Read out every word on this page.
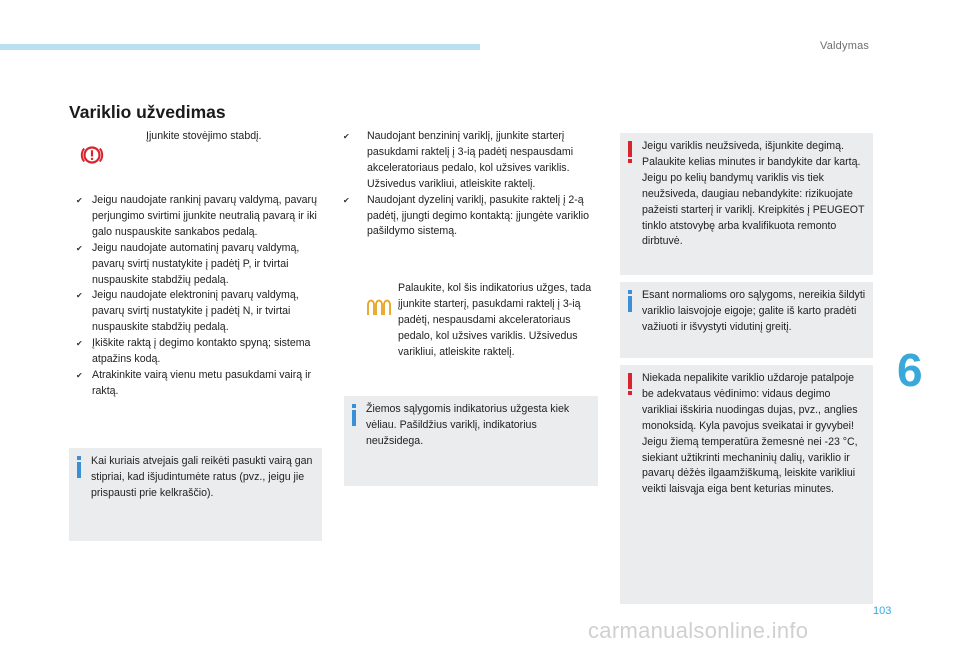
Valdymas
Variklio užvedimas

Įjunkite stovėjimo stabdį.

✔ Jeigu naudojate rankinį pavarų valdymą, pavarų perjungimo svirtimi įjunkite neutralią pavarą ir iki galo nuspauskite sankabos pedalą.
✔ Jeigu naudojate automatinį pavarų valdymą, pavarų svirtį nustatykite į padėtį P, ir tvirtai nuspauskite stabdžių pedalą.
✔ Jeigu naudojate elektroninį pavarų valdymą, pavarų svirtį nustatykite į padėtį N, ir tvirtai nuspauskite stabdžių pedalą.
✔ Įkiškite raktą į degimo kontakto spyną; sistema atpažins kodą.
✔ Atrakinkite vairą vienu metu pasukdami vairą ir raktą.

Kai kuriais atvejais gali reikėti pasukti vairą gan stipriai, kad išjudintumėte ratus (pvz., jeigu jie prispausti prie kelkraščio).

✔ Naudojant benzininį variklį, įjunkite starterį pasukdami raktelį į 3-ią padėtį nespausdami akceleratoriaus pedalo, kol užsives variklis. Užsivedus varikliui, atleiskite raktelį.
✔ Naudojant dyzelinį variklį, pasukite raktelį į 2-ą padėtį, įjungti degimo kontaktą: įjungėte variklio pašildymo sistemą.

Palaukite, kol šis indikatorius užges, tada įjunkite starterį, pasukdami raktelį į 3-ią padėtį, nespausdami akceleratoriaus pedalo, kol užsives variklis. Užsivedus varikliui, atleiskite raktelį.

Žiemos sąlygomis indikatorius užgesta kiek vėliau. Pašildžius variklį, indikatorius neužsidega.

Jeigu variklis neužsiveda, išjunkite degimą. Palaukite kelias minutes ir bandykite dar kartą. Jeigu po kelių bandymų variklis vis tiek neužsiveda, daugiau nebandykite: rizikuojate pažeisti starterį ir variklį. Kreipkitės į PEUGEOT tinklo atstovybę arba kvalifikuota remonto dirbtuvė.

Esant normalioms oro sąlygoms, nereikia šildyti variklio laisvojoje eigoje; galite iš karto pradėti važiuoti ir išvystyti vidutinį greitį.

Niekada nepalikite variklio uždaroje patalpoje be adekvataus vėdinimo: vidaus degimo varikliai išskiria nuodingas dujas, pvz., anglies monoksidą. Kyla pavojus sveikatai ir gyvybei!

Jeigu žiemą temperatūra žemesnė nei -23 °C, siekiant užtikrinti mechaninių dalių, variklio ir pavarų dėžės ilgaamžiškumą, leiskite varikliui veikti laisvąja eiga bent keturias minutes.

6
103
carmanualsonline.info
